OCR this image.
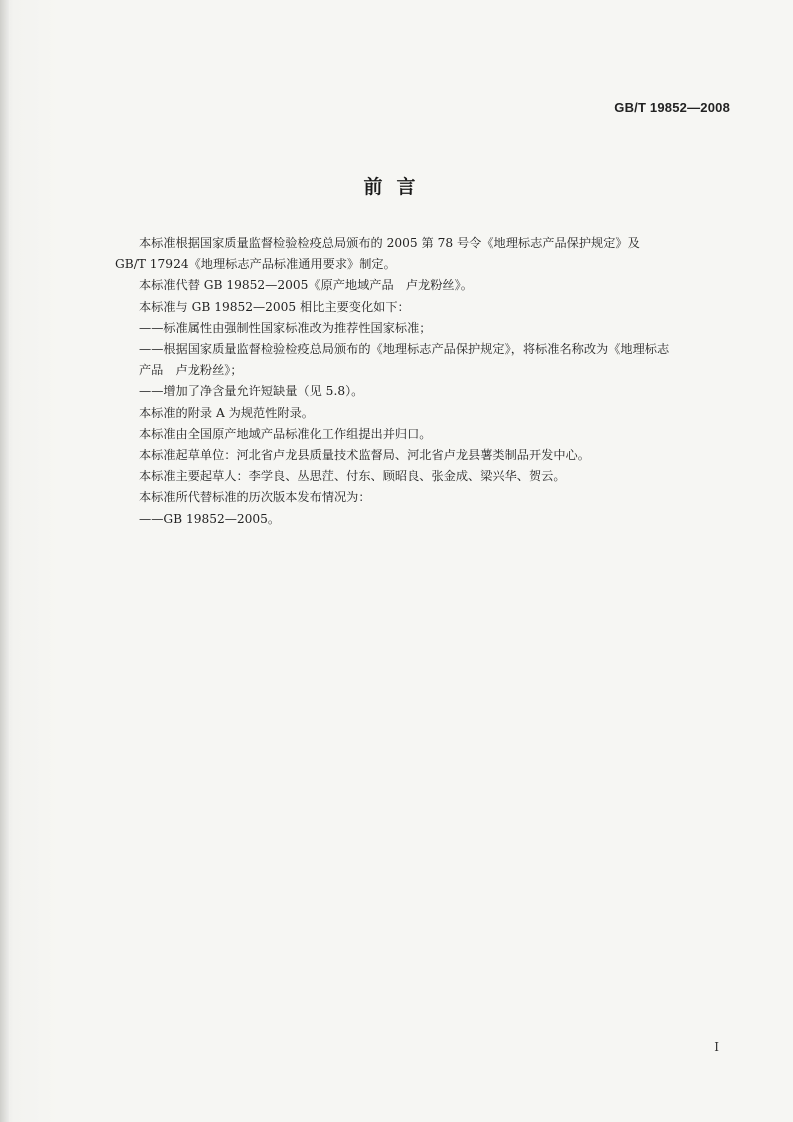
GB/T 19852—2008
前言

本标准根据国家质量监督检验检疫总局颁布的 2005 第 78 号令《地理标志产品保护规定》及

GB/T 17924《地理标志产品标准通用要求》制定。

本标准代替 GB 19852—2005《原产地域产品　卢龙粉丝》。

本标准与 GB 19852—2005 相比主要变化如下：

——标准属性由强制性国家标准改为推荐性国家标准；

——根据国家质量监督检验检疫总局颁布的《地理标志产品保护规定》，将标准名称改为《地理标志

产品　卢龙粉丝》；

——增加了净含量允许短缺量（见 5.8）。

本标准的附录 A 为规范性附录。

本标准由全国原产地域产品标准化工作组提出并归口。

本标准起草单位：河北省卢龙县质量技术监督局、河北省卢龙县薯类制品开发中心。

本标准主要起草人：李学良、丛思茳、付东、顾昭良、张金成、梁兴华、贺云。

本标准所代替标准的历次版本发布情况为：

——GB 19852—2005。

I
